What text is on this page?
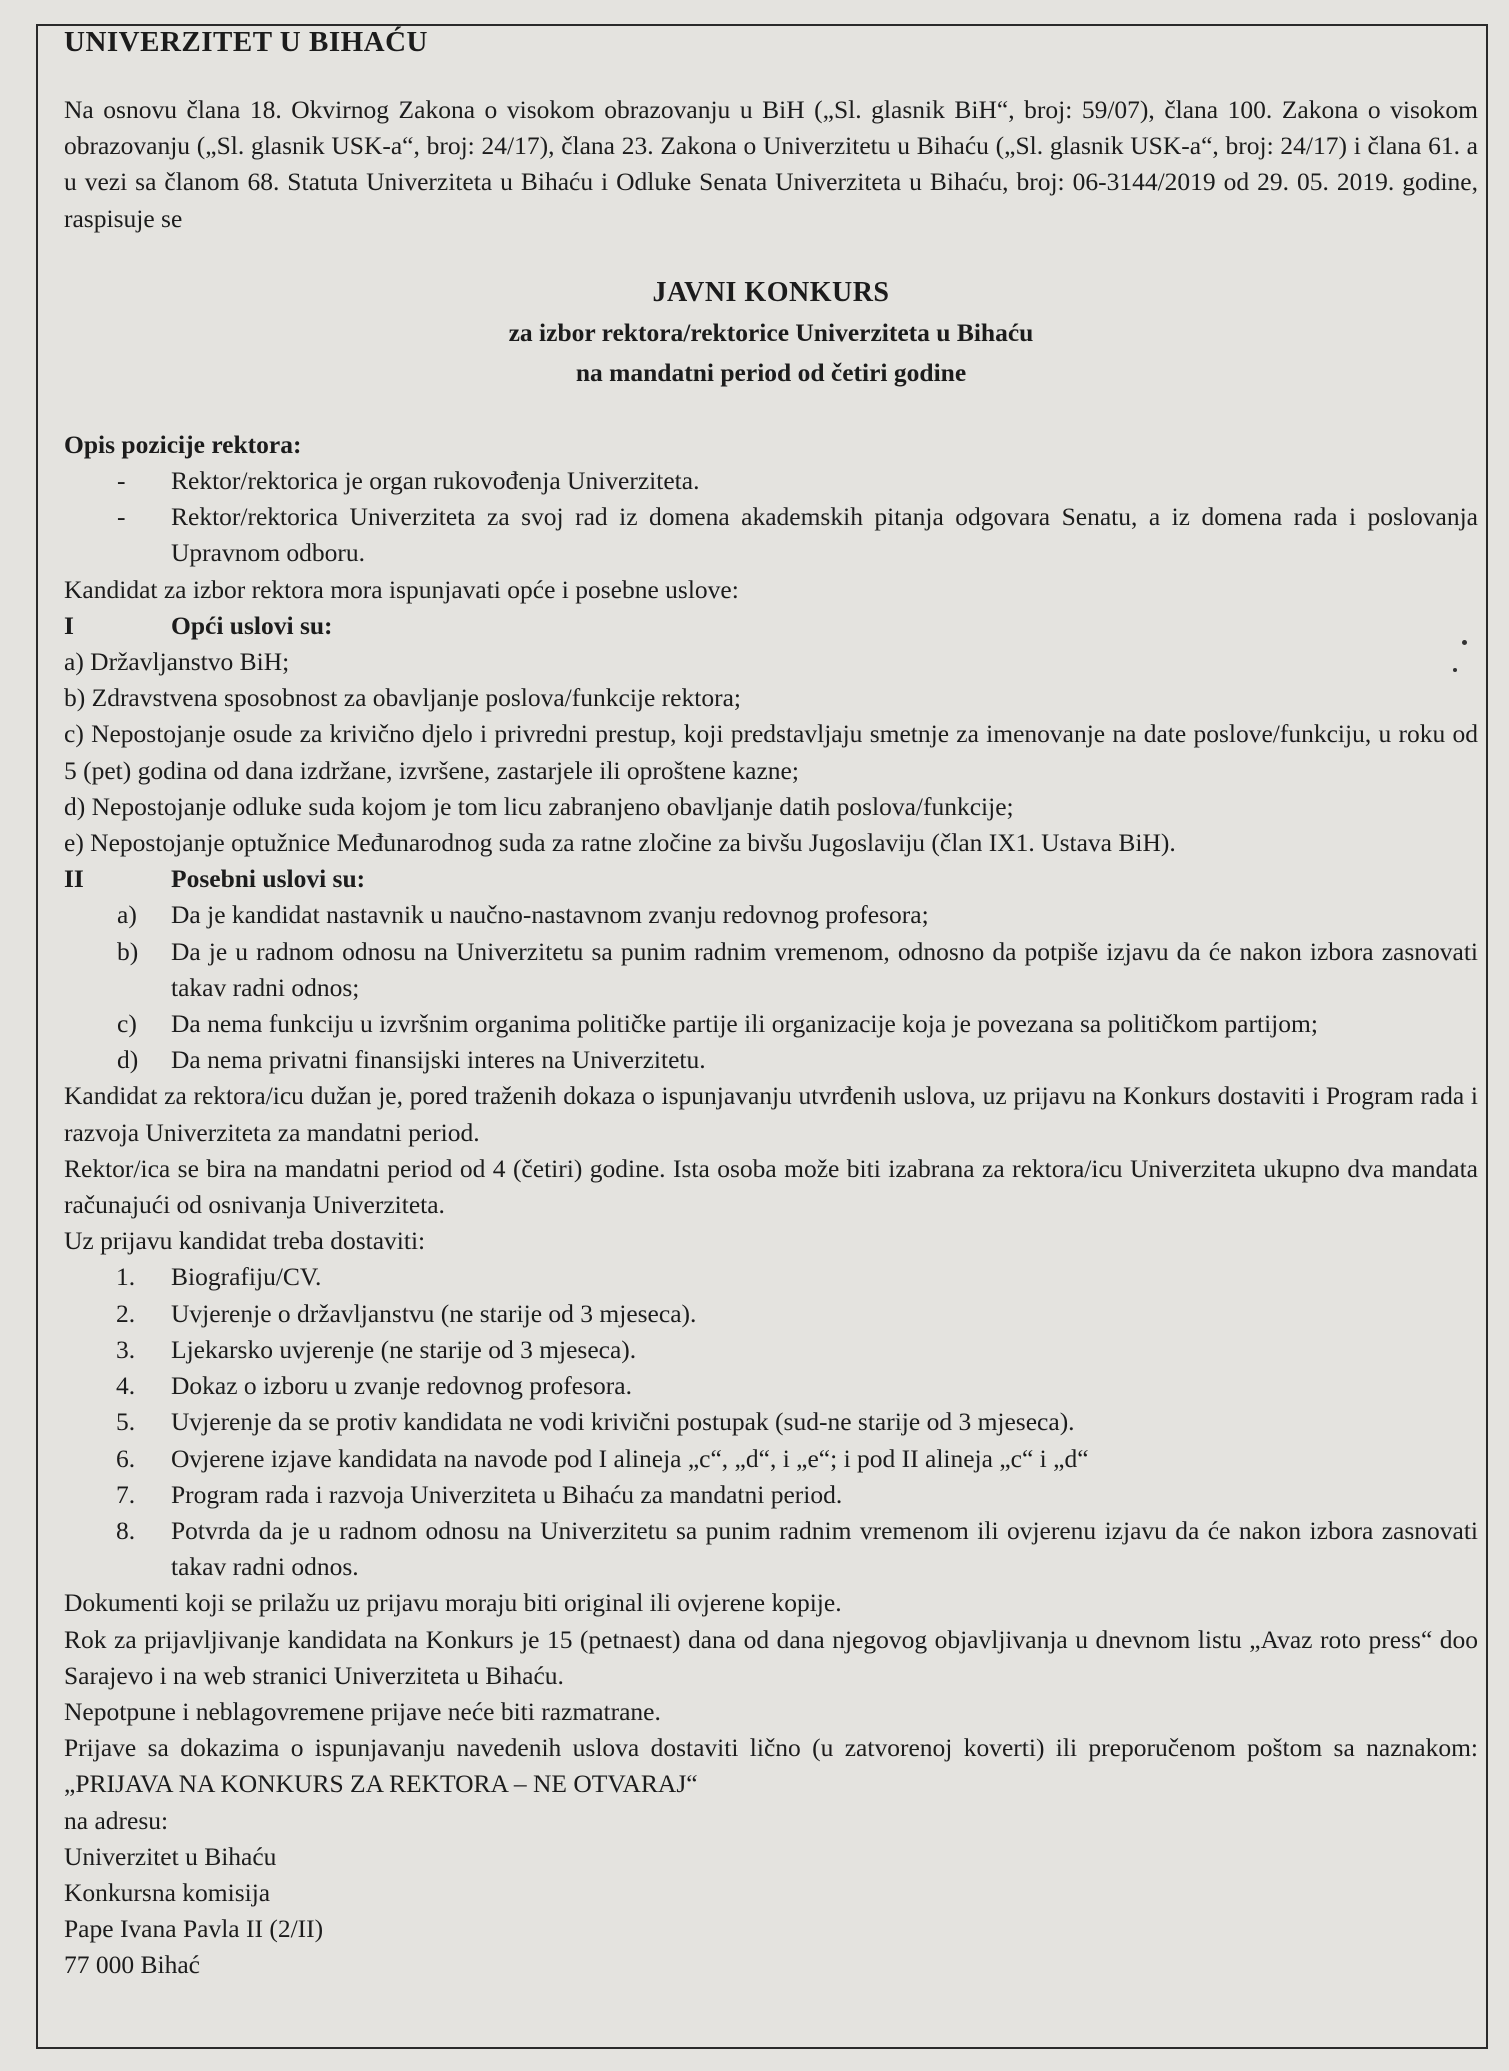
UNIVERZITET U BIHAĆU

Na osnovu člana 18. Okvirnog Zakona o visokom obrazovanju u BiH („Sl. glasnik BiH“, broj: 59/07), člana 100. Zakona o visokom obrazovanju („Sl. glasnik USK-a“, broj: 24/17), člana 23. Zakona o Univerzitetu u Bihaću („Sl. glasnik USK-a“, broj: 24/17) i člana 61. a u vezi sa članom 68. Statuta Univerziteta u Bihaću i Odluke Senata Univerziteta u Bihaću, broj: 06-3144/2019 od 29. 05. 2019. godine, raspisuje se

JAVNI KONKURS
za izbor rektora/rektorice Univerziteta u Bihaću
na mandatni period od četiri godine

Opis pozicije rektora:

- Rektor/rektorica je organ rukovođenja Univerziteta.
- Rektor/rektorica Univerziteta za svoj rad iz domena akademskih pitanja odgovara Senatu, a iz domena rada i poslovanja Upravnom odboru.

Kandidat za izbor rektora mora ispunjavati opće i posebne uslove:

I	Opći uslovi su:

a) Državljanstvo BiH;

b) Zdravstvena sposobnost za obavljanje poslova/funkcije rektora;

c) Nepostojanje osude za krivično djelo i privredni prestup, koji predstavljaju smetnje za imenovanje na date poslove/funkciju, u roku od 5 (pet) godina od dana izdržane, izvršene, zastarjele ili oproštene kazne;

d) Nepostojanje odluke suda kojom je tom licu zabranjeno obavljanje datih poslova/funkcije;

e) Nepostojanje optužnice Međunarodnog suda za ratne zločine za bivšu Jugoslaviju (član IX1. Ustava BiH).

II	Posebni uslovi su:
a) Da je kandidat nastavnik u naučno-nastavnom zvanju redovnog profesora;
b) Da je u radnom odnosu na Univerzitetu sa punim radnim vremenom, odnosno da potpiše izjavu da će nakon izbora zasnovati takav radni odnos;
c) Da nema funkciju u izvršnim organima političke partije ili organizacije koja je povezana sa političkom partijom;
d) Da nema privatni finansijski interes na Univerzitetu.

Kandidat za rektora/icu dužan je, pored traženih dokaza o ispunjavanju utvrđenih uslova, uz prijavu na Konkurs dostaviti i Program rada i razvoja Univerziteta za mandatni period.

Rektor/ica se bira na mandatni period od 4 (četiri) godine. Ista osoba može biti izabrana za rektora/icu Univerziteta ukupno dva mandata računajući od osnivanja Univerziteta.

Uz prijavu kandidat treba dostaviti:

1. Biografiju/CV.
2. Uvjerenje o državljanstvu (ne starije od 3 mjeseca).
3. Ljekarsko uvjerenje (ne starije od 3 mjeseca).
4. Dokaz o izboru u zvanje redovnog profesora.
5. Uvjerenje da se protiv kandidata ne vodi krivični postupak (sud-ne starije od 3 mjeseca).
6. Ovjerene izjave kandidata na navode pod I alineja „c“, „d“, i „e“; i pod II alineja „c“ i „d“
7. Program rada i razvoja Univerziteta u Bihaću za mandatni period.
8. Potvrda da je u radnom odnosu na Univerzitetu sa punim radnim vremenom ili ovjerenu izjavu da će nakon izbora zasnovati takav radni odnos.

Dokumenti koji se prilažu uz prijavu moraju biti original ili ovjerene kopije.

Rok za prijavljivanje kandidata na Konkurs je 15 (petnaest) dana od dana njegovog objavljivanja u dnevnom listu „Avaz roto press“ doo Sarajevo i na web stranici Univerziteta u Bihaću.

Nepotpune i neblagovremene prijave neće biti razmatrane.

Prijave sa dokazima o ispunjavanju navedenih uslova dostaviti lično (u zatvorenoj koverti) ili preporučenom poštom sa naznakom: „PRIJAVA NA KONKURS ZA REKTORA – NE OTVARAJ“

na adresu:

Univerzitet u Bihaću

Konkursna komisija

Pape Ivana Pavla II (2/II)

77 000 Bihać
